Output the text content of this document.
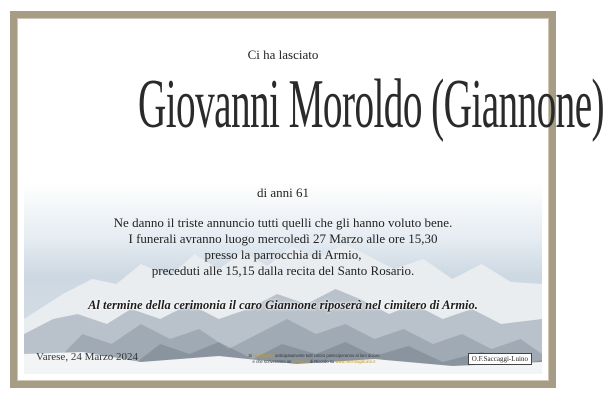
Ci ha lasciato
Giovanni Moroldo (Giannone)
di anni 61
Ne danno il triste annuncio tutti quelli che gli hanno voluto bene.
I funerali avranno luogo mercoledì 27 Marzo alle ore 15,30
presso la parrocchia di Armio,
preceduti alle 15,15 dalla recita del Santo Rosario.
Al termine della cerimonia il caro Giannone riposerà nel cimitero di Armio.
Varese, 24 Marzo 2024	Si ringraziano anticipatamente tutti coloro parteciperanno al loro dolore
e che scriveranno un pensiero di Ricordo su www.necrologilluino.it	O.F.Saccaggi-Luino
